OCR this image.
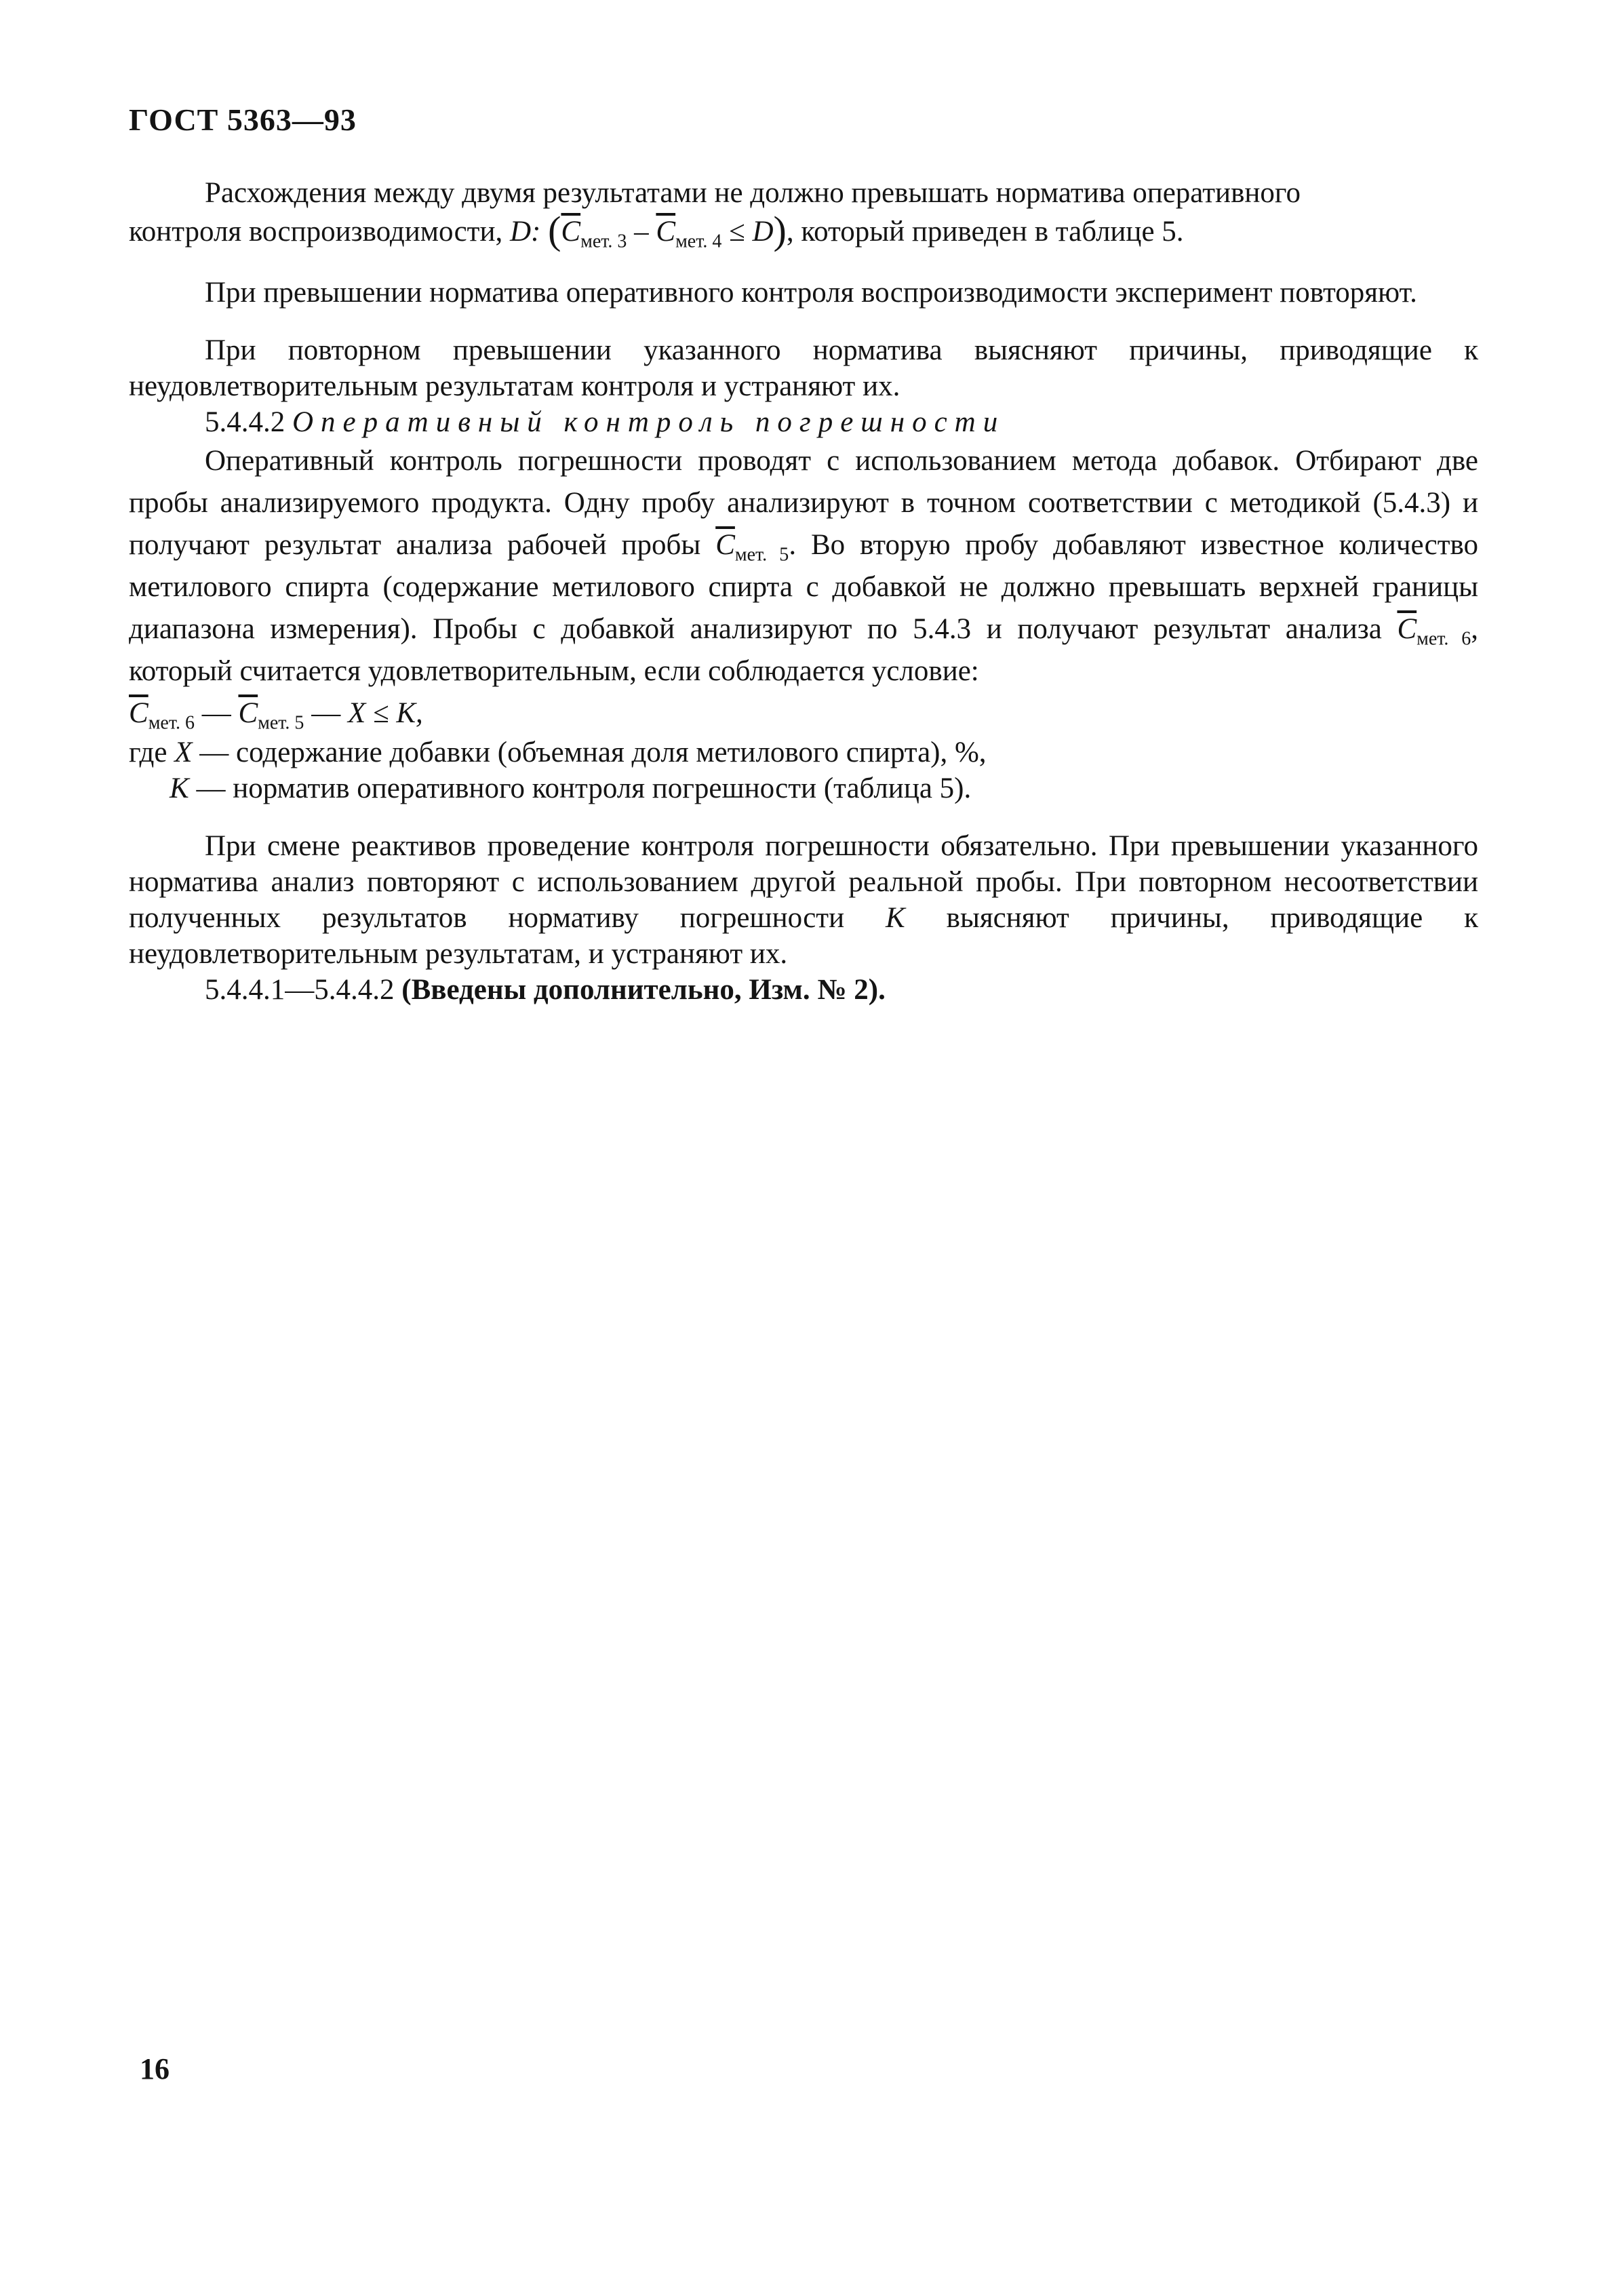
ГОСТ 5363—93

Расхождения между двумя результатами не должно превышать норматива оперативного

контроля воспроизводимости, D: $(\overline{C}_{мет. 3} - \overline{C}_{мет. 4} \le D)$, который приведен в таблице 5.

При превышении норматива оперативного контроля воспроизводимости эксперимент повторяют.

При повторном превышении указанного норматива выясняют причины, приводящие к неудовлетворительным результатам контроля и устраняют их.

5.4.4.2 Оперативный контроль погрешности

Оперативный контроль погрешности проводят с использованием метода добавок. Отбирают две пробы анализируемого продукта. Одну пробу анализируют в точном соответствии с методикой (5.4.3) и получают результат анализа рабочей пробы $\overline{C}_{мет. 5}$. Во вторую пробу добавляют известное количество метилового спирта (содержание метилового спирта с добавкой не должно превышать верхней границы диапазона измерения). Пробы с добавкой анализируют по 5.4.3 и получают результат анализа $\overline{C}_{мет. 6}$, который считается удовлетворительным, если соблюдается условие:

$\overline{C}_{мет. 6}$ — $\overline{C}_{мет. 5}$ — X ≤ K,

где X — содержание добавки (объемная доля метилового спирта), %,

K — норматив оперативного контроля погрешности (таблица 5).

При смене реактивов проведение контроля погрешности обязательно. При превышении указанного норматива анализ повторяют с использованием другой реальной пробы. При повторном несоответствии полученных результатов нормативу погрешности K выясняют причины, приводящие к неудовлетворительным результатам, и устраняют их.

5.4.4.1—5.4.4.2 (Введены дополнительно, Изм. № 2).

16
